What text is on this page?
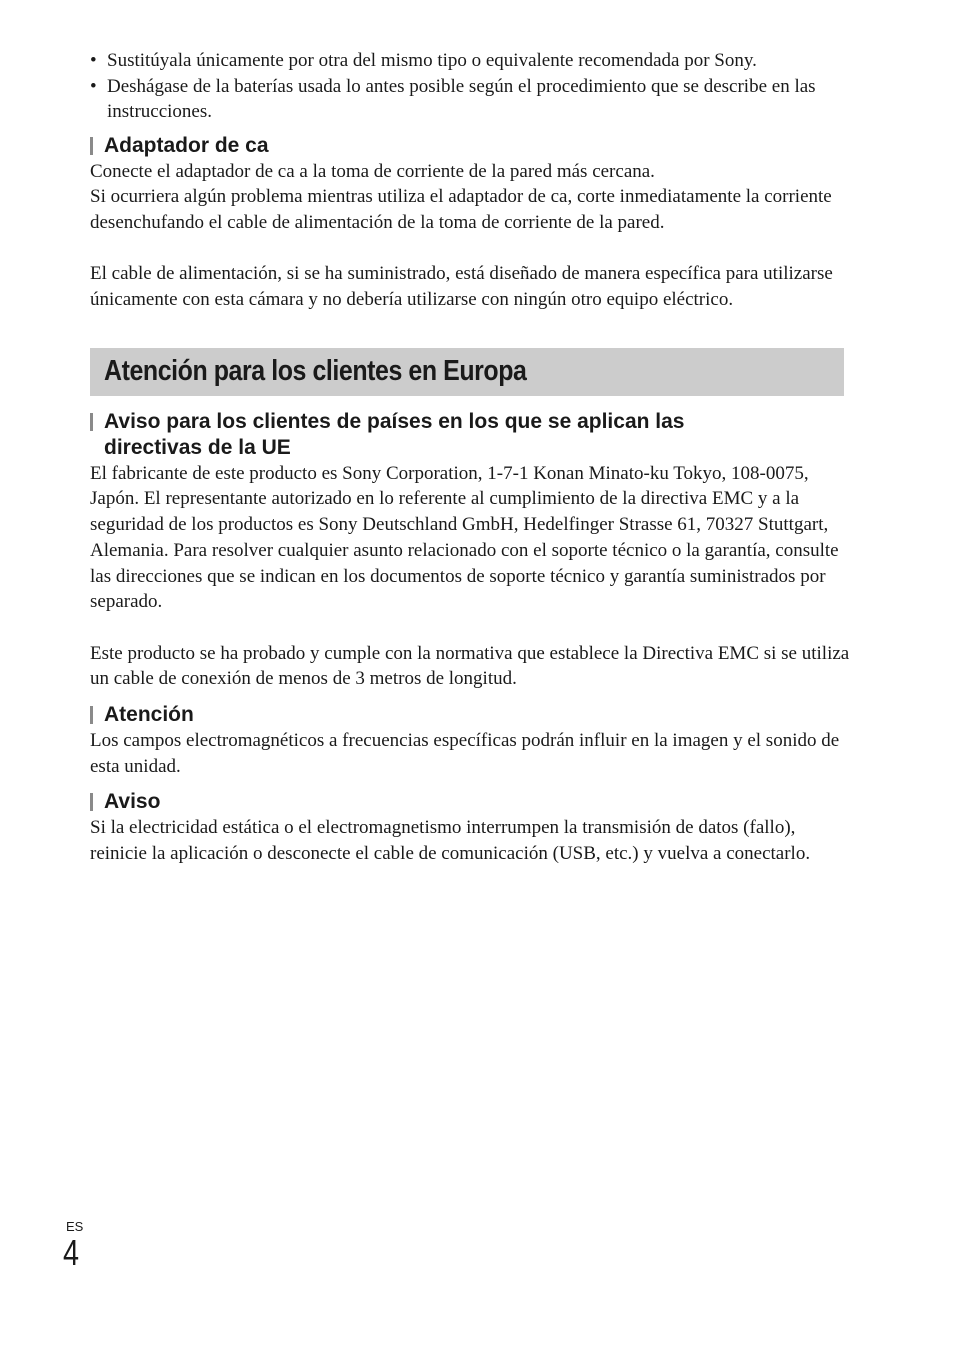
• Sustitúyala únicamente por otra del mismo tipo o equivalente recomendada por Sony.
• Deshágase de la baterías usada lo antes posible según el procedimiento que se describe en las instrucciones.
Adaptador de ca

Conecte el adaptador de ca a la toma de corriente de la pared más cercana.

Si ocurriera algún problema mientras utiliza el adaptador de ca, corte inmediatamente la corriente desenchufando el cable de alimentación de la toma de corriente de la pared.

El cable de alimentación, si se ha suministrado, está diseñado de manera específica para utilizarse únicamente con esta cámara y no debería utilizarse con ningún otro equipo eléctrico.

Atención para los clientes en Europa
Aviso para los clientes de países en los que se aplican las
directivas de la UE

El fabricante de este producto es Sony Corporation, 1-7-1 Konan Minato-ku Tokyo, 108-0075, Japón. El representante autorizado en lo referente al cumplimiento de la directiva EMC y a la seguridad de los productos es Sony Deutschland GmbH, Hedelfinger Strasse 61, 70327 Stuttgart, Alemania. Para resolver cualquier asunto relacionado con el soporte técnico o la garantía, consulte las direcciones que se indican en los documentos de soporte técnico y garantía suministrados por separado.

Este producto se ha probado y cumple con la normativa que establece la Directiva EMC si se utiliza un cable de conexión de menos de 3 metros de longitud.

Atención

Los campos electromagnéticos a frecuencias específicas podrán influir en la imagen y el sonido de esta unidad.

Aviso

Si la electricidad estática o el electromagnetismo interrumpen la transmisión de datos (fallo), reinicie la aplicación o desconecte el cable de comunicación (USB, etc.) y vuelva a conectarlo.

ES
4
